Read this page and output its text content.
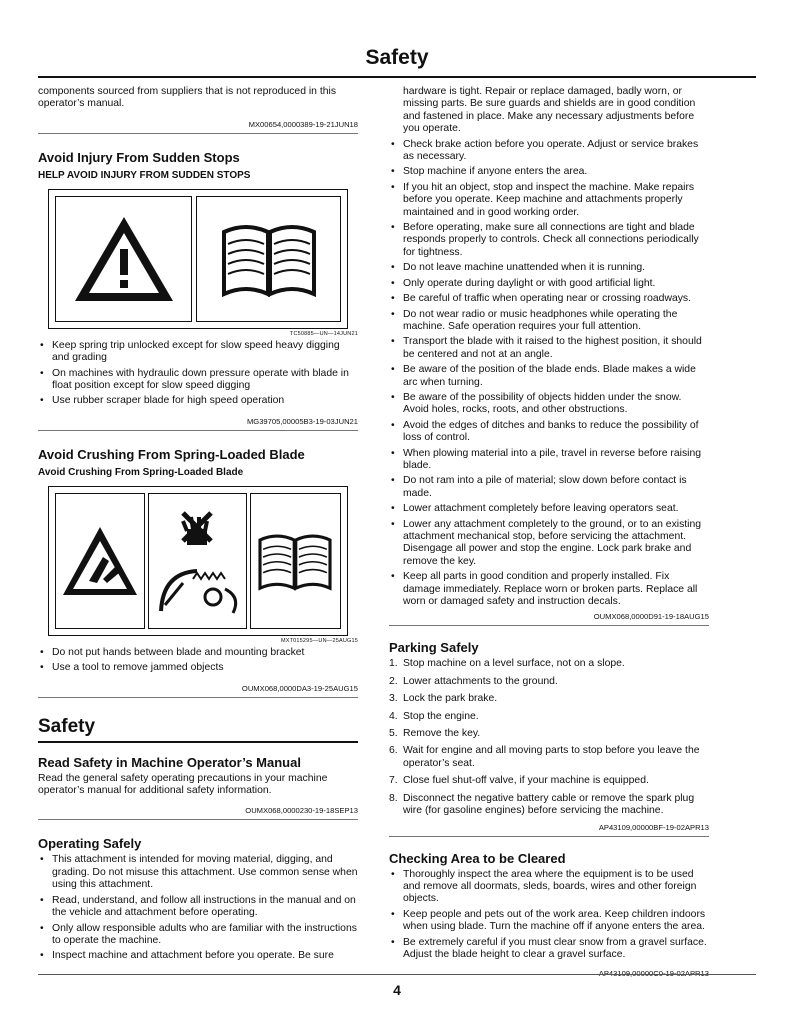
Safety

components sourced from suppliers that is not reproduced in this operator’s manual.

MX00654,0000389-19-21JUN18
Avoid Injury From Sudden Stops
HELP AVOID INJURY FROM SUDDEN STOPS
TC50885—UN—14JUN21
• Keep spring trip unlocked except for slow speed heavy digging and grading
• On machines with hydraulic down pressure operate with blade in float position except for slow speed digging
• Use rubber scraper blade for high speed operation
MG39705,00005B3-19-03JUN21
Avoid Crushing From Spring-Loaded Blade
Avoid Crushing From Spring-Loaded Blade
MXT015295—UN—25AUG15
• Do not put hands between blade and mounting bracket
• Use a tool to remove jammed objects
OUMX068,0000DA3-19-25AUG15
Safety
Read Safety in Machine Operator’s Manual

Read the general safety operating precautions in your machine operator’s manual for additional safety information.

OUMX068,0000230-19-18SEP13
Operating Safely
• This attachment is intended for moving material, digging, and grading. Do not misuse this attachment. Use common sense when using this attachment.
• Read, understand, and follow all instructions in the manual and on the vehicle and attachment before operating.
• Only allow responsible adults who are familiar with the instructions to operate the machine.
• Inspect machine and attachment before you operate. Be sure

hardware is tight. Repair or replace damaged, badly worn, or missing parts. Be sure guards and shields are in good condition and fastened in place. Make any necessary adjustments before you operate.

• Check brake action before you operate. Adjust or service brakes as necessary.
• Stop machine if anyone enters the area.
• If you hit an object, stop and inspect the machine. Make repairs before you operate. Keep machine and attachments properly maintained and in good working order.
• Before operating, make sure all connections are tight and blade responds properly to controls. Check all connections periodically for tightness.
• Do not leave machine unattended when it is running.
• Only operate during daylight or with good artificial light.
• Be careful of traffic when operating near or crossing roadways.
• Do not wear radio or music headphones while operating the machine. Safe operation requires your full attention.
• Transport the blade with it raised to the highest position, it should be centered and not at an angle.
• Be aware of the position of the blade ends. Blade makes a wide arc when turning.
• Be aware of the possibility of objects hidden under the snow. Avoid holes, rocks, roots, and other obstructions.
• Avoid the edges of ditches and banks to reduce the possibility of loss of control.
• When plowing material into a pile, travel in reverse before raising blade.
• Do not ram into a pile of material; slow down before contact is made.
• Lower attachment completely before leaving operators seat.
• Lower any attachment completely to the ground, or to an existing attachment mechanical stop, before servicing the attachment. Disengage all power and stop the engine. Lock park brake and remove the key.
• Keep all parts in good condition and properly installed. Fix damage immediately. Replace worn or broken parts. Replace all worn or damaged safety and instruction decals.
OUMX068,0000D91-19-18AUG15
Parking Safely
1. Stop machine on a level surface, not on a slope.
2. Lower attachments to the ground.
3. Lock the park brake.
4. Stop the engine.
5. Remove the key.
6. Wait for engine and all moving parts to stop before you leave the operator’s seat.
7. Close fuel shut-off valve, if your machine is equipped.
8. Disconnect the negative battery cable or remove the spark plug wire (for gasoline engines) before servicing the machine.
AP43109,00000BF-19-02APR13
Checking Area to be Cleared
• Thoroughly inspect the area where the equipment is to be used and remove all doormats, sleds, boards, wires and other foreign objects.
• Keep people and pets out of the work area. Keep children indoors when using blade. Turn the machine off if anyone enters the area.
• Be extremely careful if you must clear snow from a gravel surface. Adjust the blade height to clear a gravel surface.
AP43109,00000C0-19-02APR13
4
